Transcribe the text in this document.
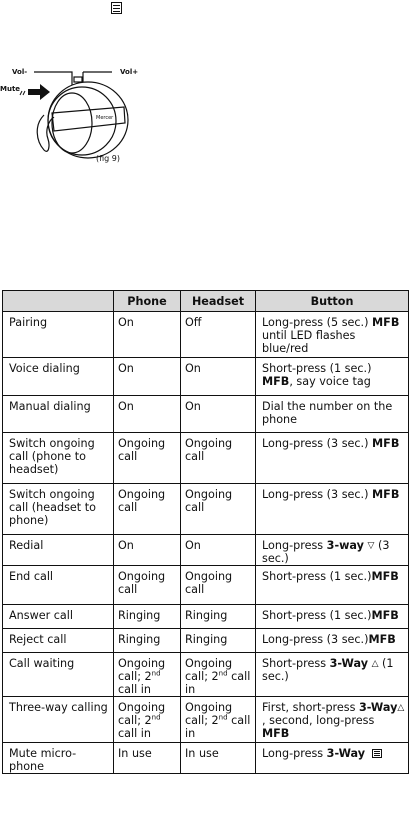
Vol-	Vol+
Mute
Mercer
(fig 9)
	Phone	Headset	Button
Pairing	On	Off	Long-press (5 sec.) MFB until LED flashes blue/red
Voice dialing	On	On	Short-press (1 sec.) MFB, say voice tag
Manual dialing	On	On	Dial the number on the phone
Switch ongoing call (phone to headset)	Ongoing call	Ongoing call	Long-press (3 sec.) MFB
Switch ongoing call (headset to phone)	Ongoing call	Ongoing call	Long-press (3 sec.) MFB
Redial	On	On	Long-press 3-way ▽ (3 sec.)
End call	Ongoing call	Ongoing call	Short-press (1 sec.)MFB
Answer call	Ringing	Ringing	Short-press (1 sec.)MFB
Reject call	Ringing	Ringing	Long-press (3 sec.)MFB
Call waiting	Ongoing call; 2nd call in	Ongoing call; 2nd call in	Short-press 3-Way △ (1 sec.)
Three-way calling	Ongoing call; 2nd call in	Ongoing call; 2nd call in	First, short-press 3-Way△, second, long-press MFB
Mute micro-phone	In use	In use	Long-press 3-Way
